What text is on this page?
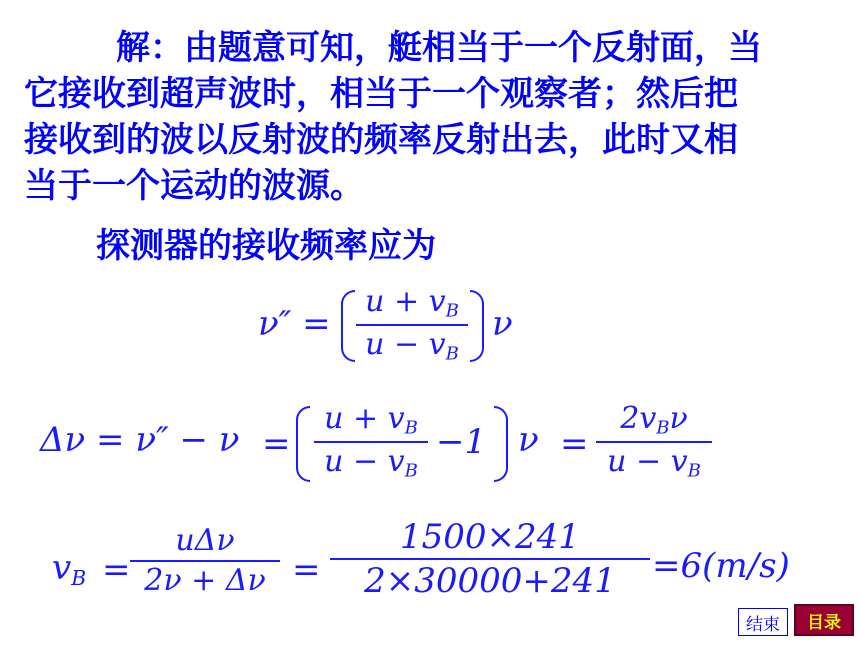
解：由题意可知，艇相当于一个反射面，当
它接收到超声波时，相当于一个观察者；然后把
接收到的波以反射波的频率反射出去，此时又相
当于一个运动的波源。
探测器的接收频率应为
ν″ =
$u + v_B$
$u - v_B$
ν
Δν = ν″ − ν =
$u + v_B$
$u - v_B$
−1 ν =
$2v_B\nu$
$u - v_B$
$v_B$ =
uΔν
2ν + Δν =
1500×241
2×30000+241 =6(m/s)
结束	目录
